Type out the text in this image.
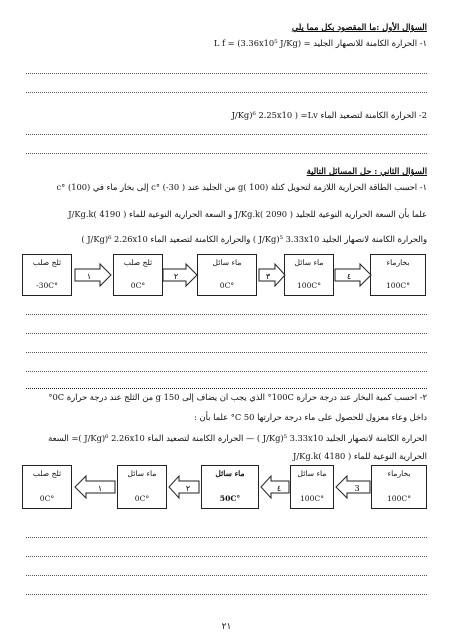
السؤال الأول :ما المقصود بكل مما يلي
١- الحرارة الكامنة للانصهار الجليد = (3.36x10⁵ J/Kg) = L f
2- الحرارة الكامنة لتصعيد الماء J/Kg)⁶ 2.25x10 ) =Lv
السؤال الثاني : حل المسائل التالية
١- احسب الطاقة الحرارية اللازمة لتحويل كتلة g( 100) من الجليد عند c° (-30 ) إلى بخار ماء في c° (100)
علما بأن السعة الحرارية النوعية للجليد J/Kg.k( 2090 ) و السعة الحرارية النوعية للماء J/Kg.k( 4190 )
والحرارة الكامنة لانصهار الجليد J/Kg)⁵ 3.33x10 ) والحرارة الكامنة لتصعيد الماء J/Kg)⁶ 2.26x10 )
ثلج صلب
-30C°
ثلج صلب
0C°
ماء سائل
0C°
ماء سائل
100C°
بخارماء
100C°
١	٢	٣	٤
٢- احسب كمية البخار عند درجة حرارة 100C° الذي يجب ان يضاف إلى g 150 من الثلج عند درجة حرارة 0C°
داخل وعاء معزول للحصول على ماء درجة حرارتها 50 C° علما بأن :
الحرارة الكامنة لانصهار الجليد J/Kg)⁵ 3.33x10 ) — الحرارة الكامنة لتصعيد الماء J/Kg)⁶ 2.26x10 )= السعة
الحرارية النوعية للماء J/Kg.k( 4180 )
ثلج صلب
0C°
ماء سائل
0C°
ماء سائل
50C°
ماء سائل
100C°
بخارماء
100C°
١	٢	٤	3
٢١
